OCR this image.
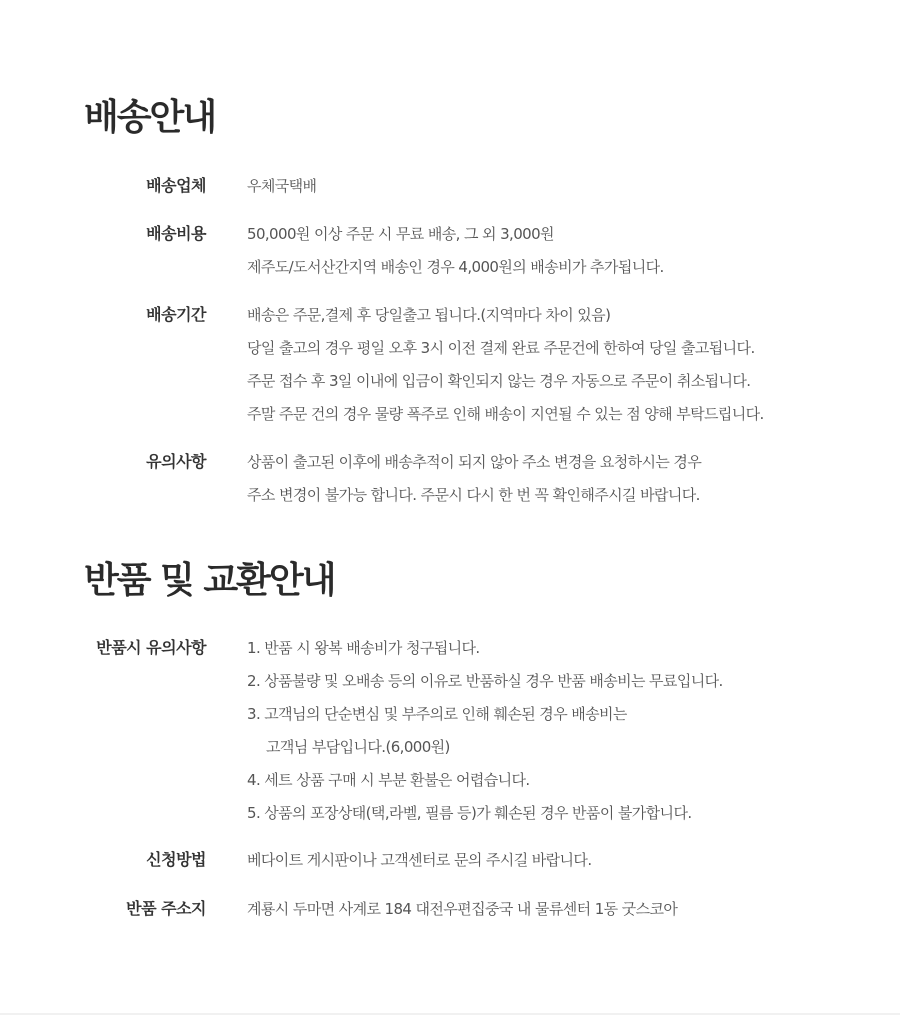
배송안내
배송업체	우체국택배
배송비용	50,000원 이상 주문 시 무료 배송, 그 외 3,000원
제주도/도서산간지역 배송인 경우 4,000원의 배송비가 추가됩니다.
배송기간	배송은 주문,결제 후 당일출고 됩니다.(지역마다 차이 있음)
당일 출고의 경우 평일 오후 3시 이전 결제 완료 주문건에 한하여 당일 출고됩니다.
주문 접수 후 3일 이내에 입금이 확인되지 않는 경우 자동으로 주문이 취소됩니다.
주말 주문 건의 경우 물량 폭주로 인해 배송이 지연될 수 있는 점 양해 부탁드립니다.
유의사항	상품이 출고된 이후에 배송추적이 되지 않아 주소 변경을 요청하시는 경우
주소 변경이 불가능 합니다. 주문시 다시 한 번 꼭 확인해주시길 바랍니다.
반품 및 교환안내
반품시 유의사항	1. 반품 시 왕복 배송비가 청구됩니다.
2. 상품불량 및 오배송 등의 이유로 반품하실 경우 반품 배송비는 무료입니다.
3. 고객님의 단순변심 및 부주의로 인해 훼손된 경우 배송비는
고객님 부담입니다.(6,000원)
4. 세트 상품 구매 시 부분 환불은 어렵습니다.
5. 상품의 포장상태(택,라벨, 필름 등)가 훼손된 경우 반품이 불가합니다.
신청방법	베다이트 게시판이나 고객센터로 문의 주시길 바랍니다.
반품 주소지	계룡시 두마면 사계로 184 대전우편집중국 내 물류센터 1동 굿스코아
